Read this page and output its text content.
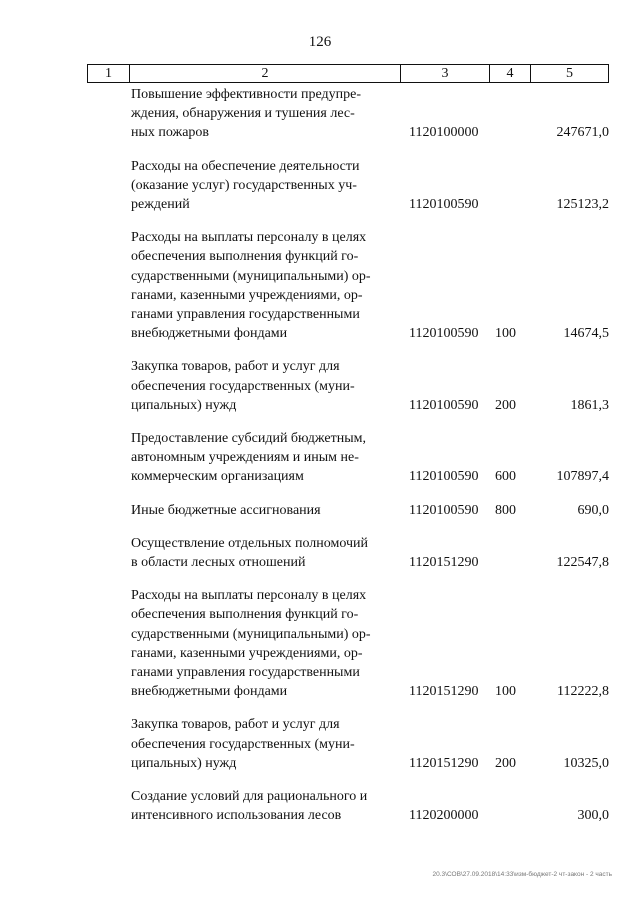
126
1	2	3	4	5
Повышение эффективности предупре-
ждения, обнаружения и тушения лес-
ных пожаров	1120100000	247671,0
Расходы на обеспечение деятельности
(оказание услуг) государственных уч-
реждений	1120100590	125123,2
Расходы на выплаты персоналу в целях
обеспечения выполнения функций го-
сударственными (муниципальными) ор-
ганами, казенными учреждениями, ор-
ганами управления государственными
внебюджетными фондами	1120100590 100	14674,5
Закупка товаров, работ и услуг для
обеспечения государственных (муни-
ципальных) нужд	1120100590 200	1861,3
Предоставление субсидий бюджетным,
автономным учреждениям и иным не-
коммерческим организациям	1120100590 600	107897,4
Иные бюджетные ассигнования	1120100590 800	690,0
Осуществление отдельных полномочий
в области лесных отношений	1120151290	122547,8
Расходы на выплаты персоналу в целях
обеспечения выполнения функций го-
сударственными (муниципальными) ор-
ганами, казенными учреждениями, ор-
ганами управления государственными
внебюджетными фондами	1120151290 100	112222,8
Закупка товаров, работ и услуг для
обеспечения государственных (муни-
ципальных) нужд	1120151290 200	10325,0
Создание условий для рационального и
интенсивного использования лесов	1120200000	300,0
20.3\СОВ\27.09.2018\14:33\изм-бюджет-2 чт-закон - 2 часть
